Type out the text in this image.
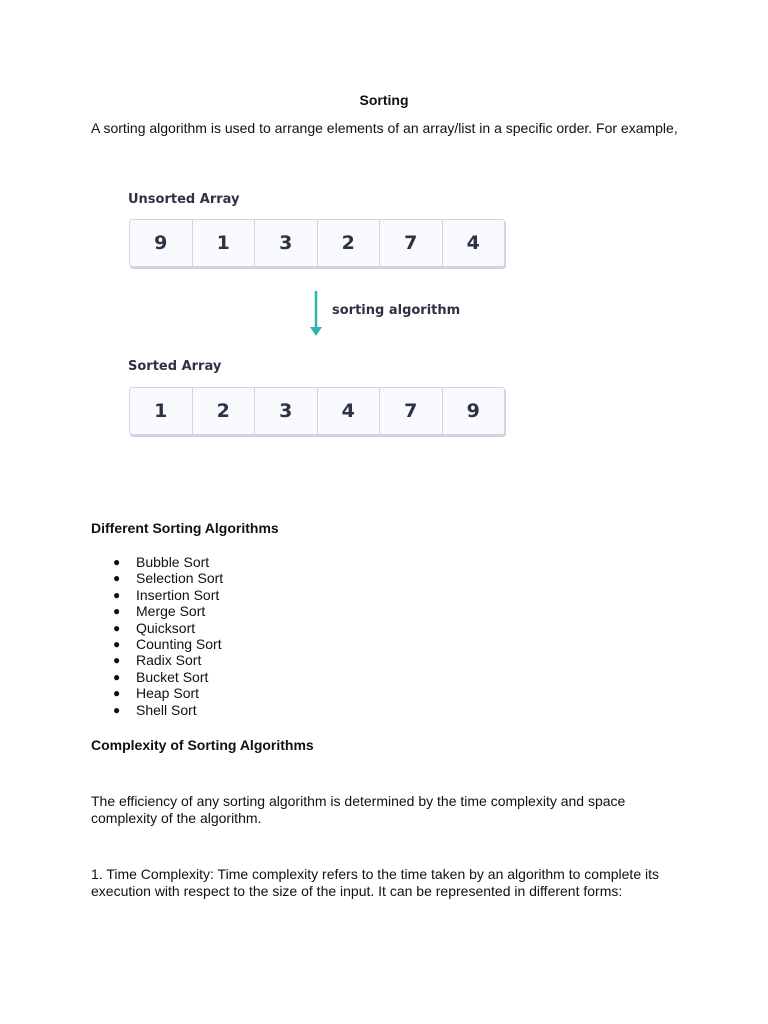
Sorting
A sorting algorithm is used to arrange elements of an array/list in a specific order. For example,
Unsorted Array
9	1	3	2	7	4
sorting algorithm
Sorted Array
1	2	3	4	7	9
Different Sorting Algorithms
● Bubble Sort
● Selection Sort
● Insertion Sort
● Merge Sort
● Quicksort
● Counting Sort
● Radix Sort
● Bucket Sort
● Heap Sort
● Shell Sort
Complexity of Sorting Algorithms
The efficiency of any sorting algorithm is determined by the time complexity and space complexity of the algorithm.
1. Time Complexity: Time complexity refers to the time taken by an algorithm to complete its execution with respect to the size of the input. It can be represented in different forms:
